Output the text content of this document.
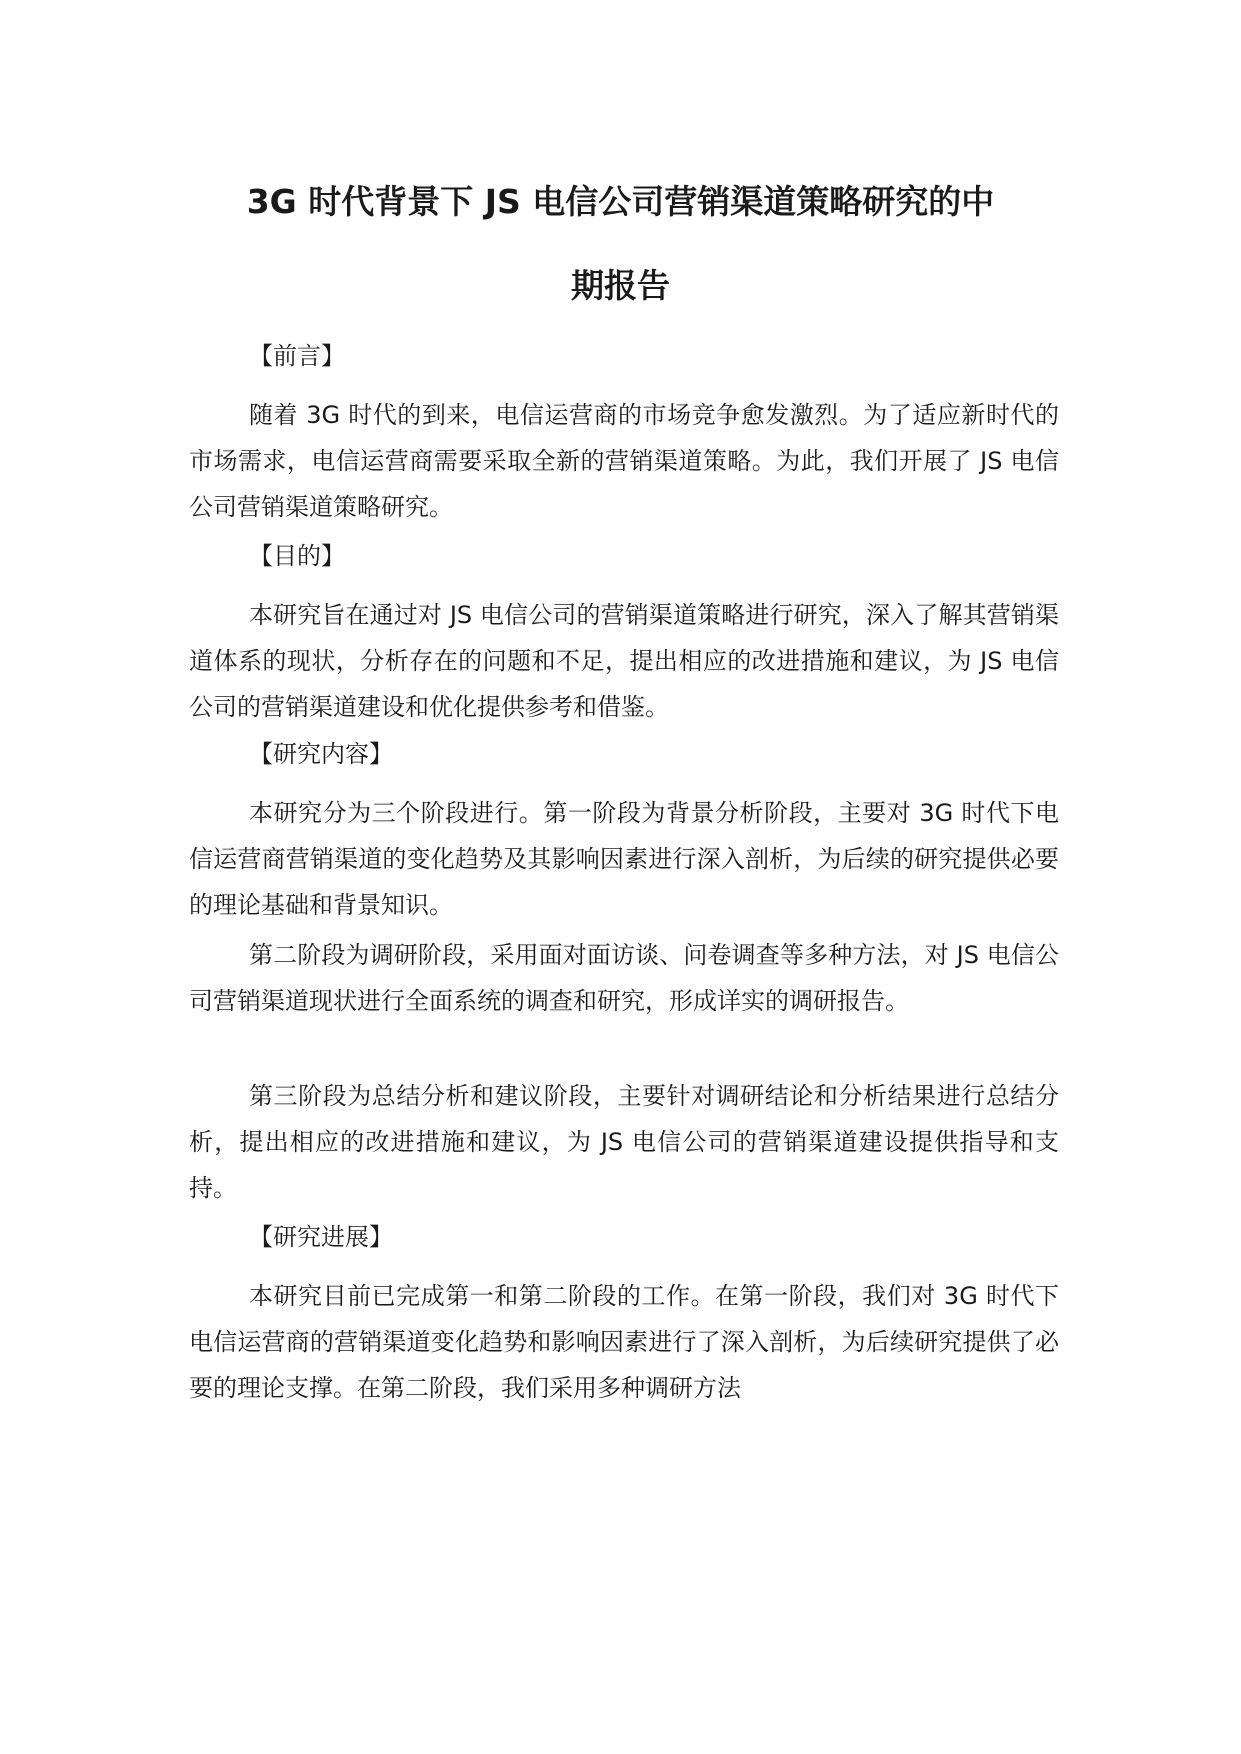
3G 时代背景下 JS 电信公司营销渠道策略研究的中
期报告

【前言】

随着 3G 时代的到来，电信运营商的市场竞争愈发激烈。为了适应新时代的市场需求，电信运营商需要采取全新的营销渠道策略。为此，我们开展了 JS 电信公司营销渠道策略研究。

【目的】

本研究旨在通过对 JS 电信公司的营销渠道策略进行研究，深入了解其营销渠道体系的现状，分析存在的问题和不足，提出相应的改进措施和建议，为 JS 电信公司的营销渠道建设和优化提供参考和借鉴。

【研究内容】

本研究分为三个阶段进行。第一阶段为背景分析阶段，主要对 3G 时代下电信运营商营销渠道的变化趋势及其影响因素进行深入剖析，为后续的研究提供必要的理论基础和背景知识。

第二阶段为调研阶段，采用面对面访谈、问卷调查等多种方法，对 JS 电信公司营销渠道现状进行全面系统的调查和研究，形成详实的调研报告。

第三阶段为总结分析和建议阶段，主要针对调研结论和分析结果进行总结分析，提出相应的改进措施和建议，为 JS 电信公司的营销渠道建设提供指导和支持。

【研究进展】

本研究目前已完成第一和第二阶段的工作。在第一阶段，我们对 3G 时代下电信运营商的营销渠道变化趋势和影响因素进行了深入剖析，为后续研究提供了必要的理论支撑。在第二阶段，我们采用多种调研方法
